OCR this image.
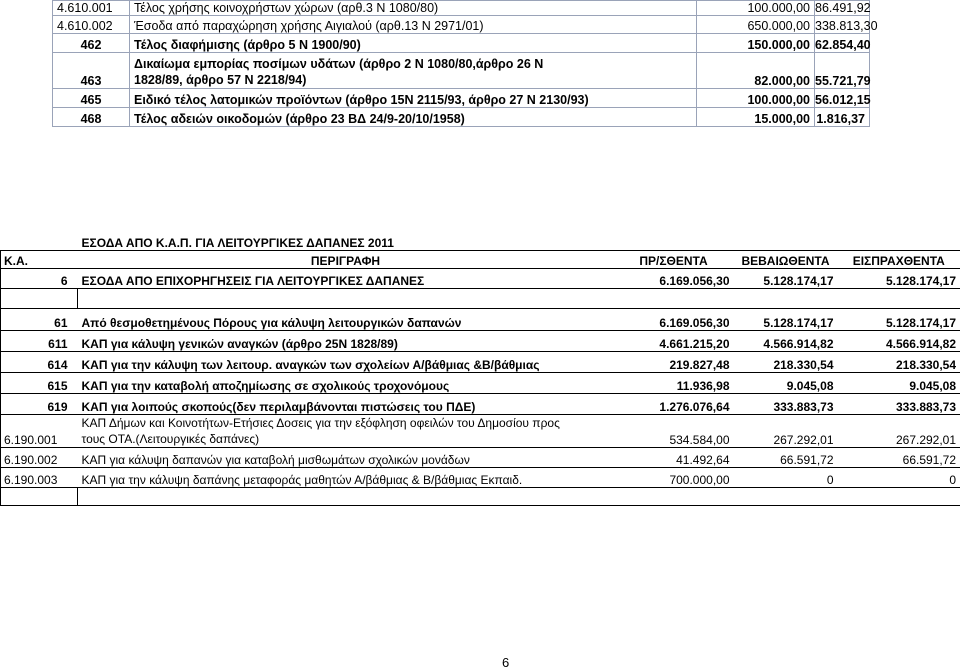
4.610.001	Τέλος χρήσης κοινοχρήστων χώρων (αρθ.3 Ν 1080/80)	100.000,00	86.491,92
4.610.002	Έσοδα από παραχώρηση χρήσης Αιγιαλού (αρθ.13 Ν 2971/01)	650.000,00	338.813,30
462	Τέλος διαφήμισης (άρθρο 5 Ν 1900/90)	150.000,00	62.854,40
463	Δικαίωμα εμπορίας ποσίμων υδάτων (άρθρο 2 Ν 1080/80,άρθρο 26 Ν
1828/89, άρθρο 57 Ν 2218/94)	82.000,00	55.721,79
465	Ειδικό τέλος λατομικών προϊόντων (άρθρο 15Ν 2115/93, άρθρο 27 Ν 2130/93)	100.000,00	56.012,15
468	Τέλος αδειών οικοδομών (άρθρο 23 ΒΔ 24/9-20/10/1958)	15.000,00	1.816,37
	ΕΣΟΔΑ ΑΠΟ Κ.Α.Π. ΓΙΑ ΛΕΙΤΟΥΡΓΙΚΕΣ ΔΑΠΑΝΕΣ 2011			
Κ.Α.	ΠΕΡΙΓΡΑΦΗ	ΠΡ/ΣΘΕΝΤΑ	ΒΕΒΑΙΩΘΕΝΤΑ	ΕΙΣΠΡΑΧΘΕΝΤΑ
6	ΕΣΟΔΑ ΑΠΟ ΕΠΙΧΟΡΗΓΗΣΕΙΣ ΓΙΑ ΛΕΙΤΟΥΡΓΙΚΕΣ ΔΑΠΑΝΕΣ	6.169.056,30	5.128.174,17	5.128.174,17

61	Από θεσμοθετημένους Πόρους για κάλυψη λειτουργικών δαπανών	6.169.056,30	5.128.174,17	5.128.174,17
611	ΚΑΠ για κάλυψη γενικών αναγκών (άρθρο 25Ν 1828/89)	4.661.215,20	4.566.914,82	4.566.914,82
614	ΚΑΠ για την κάλυψη των λειτουρ. αναγκών των σχολείων Α/βάθμιας &Β/βάθμιας	219.827,48	218.330,54	218.330,54
615	ΚΑΠ για την καταβολή αποζημίωσης σε σχολικούς τροχονόμους	11.936,98	9.045,08	9.045,08
619	ΚΑΠ για λοιπούς σκοπούς(δεν περιλαμβάνονται πιστώσεις του ΠΔΕ)	1.276.076,64	333.883,73	333.883,73
6.190.001	ΚΑΠ Δήμων και Κοινοτήτων-Ετήσιες Δοσεις για την εξόφληση οφειλών του Δημοσίου προς
τους ΟΤΑ.(Λειτουργικές δαπάνες)	534.584,00	267.292,01	267.292,01
6.190.002	ΚΑΠ για κάλυψη δαπανών για καταβολή μισθωμάτων σχολικών μονάδων	41.492,64	66.591,72	66.591,72
6.190.003	ΚΑΠ για την κάλυψη δαπάνης μεταφοράς μαθητών Α/βάθμιας & Β/βάθμιας Εκπαιδ.	700.000,00	0	0

6
